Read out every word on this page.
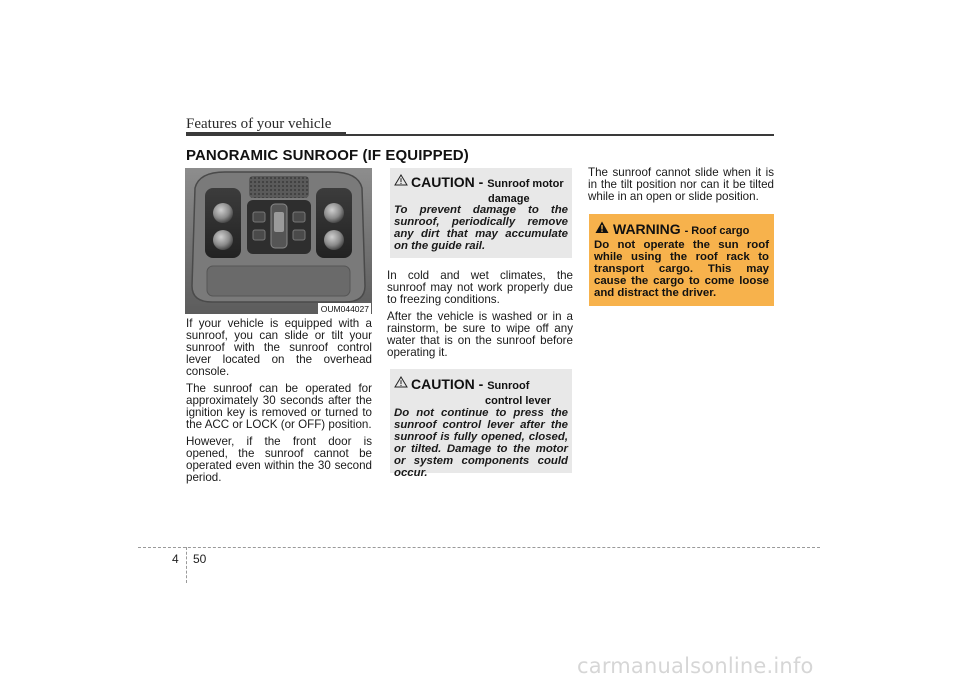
Features of your vehicle
PANORAMIC SUNROOF (IF EQUIPPED)
OUM044027

If your vehicle is equipped with a sunroof, you can slide or tilt your sunroof with the sunroof control lever located on the overhead console.

The sunroof can be operated for approximately 30 seconds after the ignition key is removed or turned to the ACC or LOCK (or OFF) position.

However, if the front door is opened, the sunroof cannot be operated even within the 30 second period.

CAUTION - Sunroof motor
damage
To prevent damage to the sunroof, periodically remove any dirt that may accumulate on the guide rail.

In cold and wet climates, the sunroof may not work properly due to freezing conditions.

After the vehicle is washed or in a rainstorm, be sure to wipe off any water that is on the sunroof before operating it.

CAUTION - Sunroof
control lever
Do not continue to press the sunroof control lever after the sunroof is fully opened, closed, or tilted. Damage to the motor or system components could occur.

The sunroof cannot slide when it is in the tilt position nor can it be tilted while in an open or slide position.

WARNING - Roof cargo
Do not operate the sun roof while using the roof rack to transport cargo. This may cause the cargo to come loose and distract the driver.
4 50
carmanualsonline.info
